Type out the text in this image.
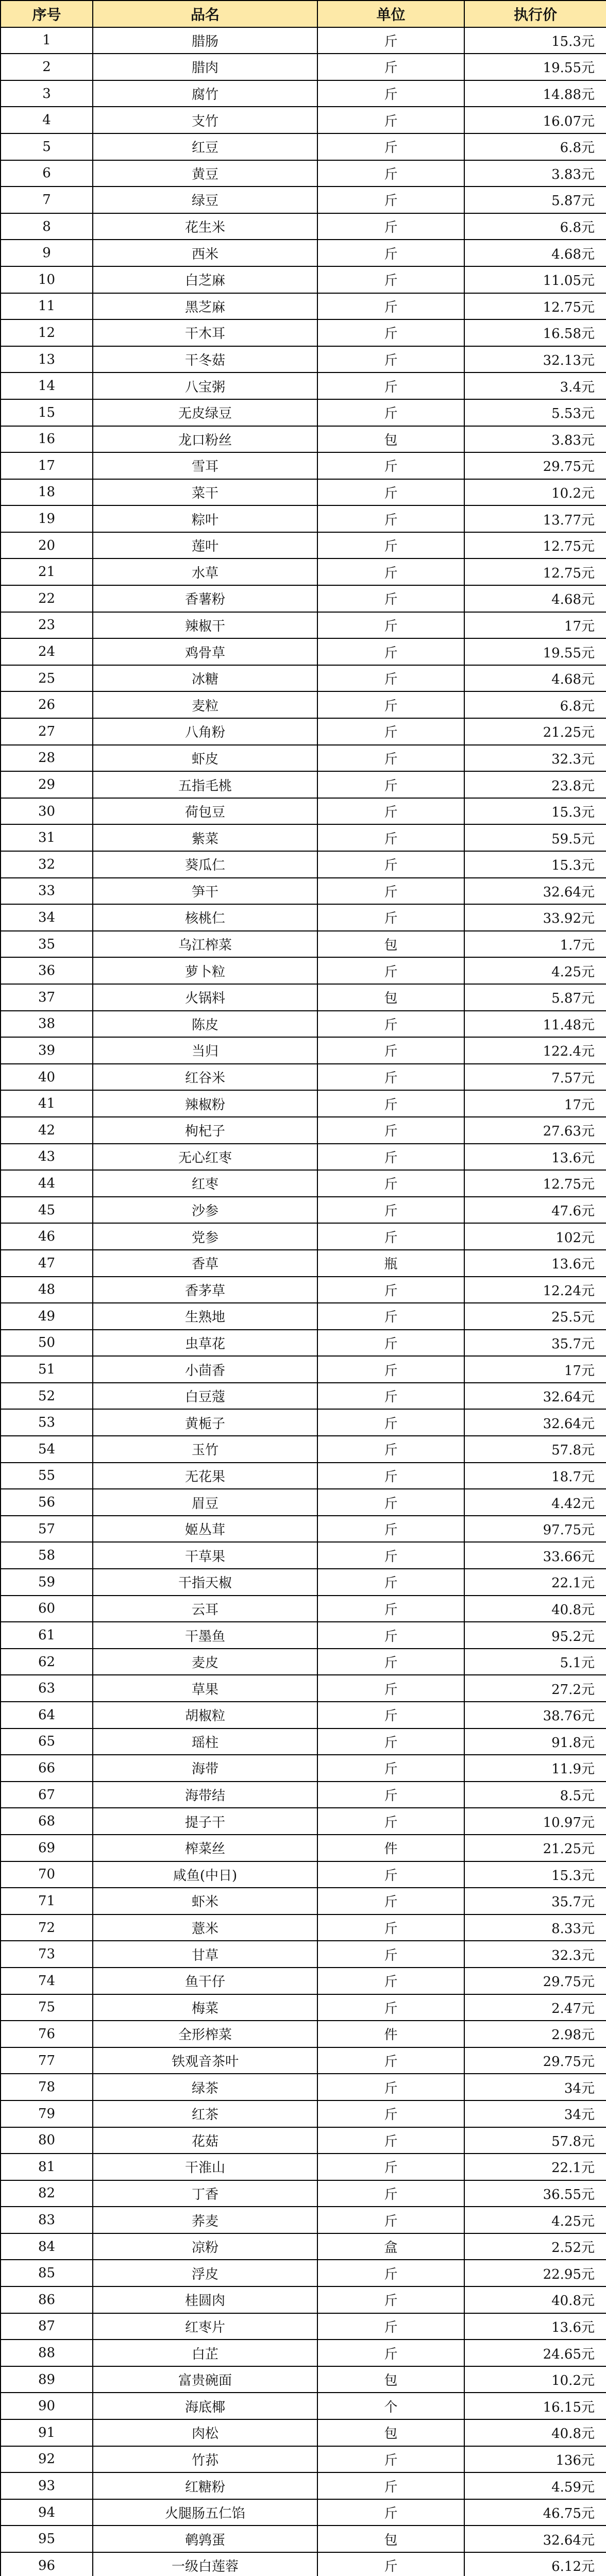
序号	品名	单位	执行价
1	腊肠	斤	15.3元
2	腊肉	斤	19.55元
3	腐竹	斤	14.88元
4	支竹	斤	16.07元
5	红豆	斤	6.8元
6	黄豆	斤	3.83元
7	绿豆	斤	5.87元
8	花生米	斤	6.8元
9	西米	斤	4.68元
10	白芝麻	斤	11.05元
11	黑芝麻	斤	12.75元
12	干木耳	斤	16.58元
13	干冬菇	斤	32.13元
14	八宝粥	斤	3.4元
15	无皮绿豆	斤	5.53元
16	龙口粉丝	包	3.83元
17	雪耳	斤	29.75元
18	菜干	斤	10.2元
19	粽叶	斤	13.77元
20	莲叶	斤	12.75元
21	水草	斤	12.75元
22	香薯粉	斤	4.68元
23	辣椒干	斤	17元
24	鸡骨草	斤	19.55元
25	冰糖	斤	4.68元
26	麦粒	斤	6.8元
27	八角粉	斤	21.25元
28	虾皮	斤	32.3元
29	五指毛桃	斤	23.8元
30	荷包豆	斤	15.3元
31	紫菜	斤	59.5元
32	葵瓜仁	斤	15.3元
33	笋干	斤	32.64元
34	核桃仁	斤	33.92元
35	乌江榨菜	包	1.7元
36	萝卜粒	斤	4.25元
37	火锅料	包	5.87元
38	陈皮	斤	11.48元
39	当归	斤	122.4元
40	红谷米	斤	7.57元
41	辣椒粉	斤	17元
42	枸杞子	斤	27.63元
43	无心红枣	斤	13.6元
44	红枣	斤	12.75元
45	沙参	斤	47.6元
46	党参	斤	102元
47	香草	瓶	13.6元
48	香茅草	斤	12.24元
49	生熟地	斤	25.5元
50	虫草花	斤	35.7元
51	小茴香	斤	17元
52	白豆蔻	斤	32.64元
53	黄栀子	斤	32.64元
54	玉竹	斤	57.8元
55	无花果	斤	18.7元
56	眉豆	斤	4.42元
57	姬丛茸	斤	97.75元
58	干草果	斤	33.66元
59	干指天椒	斤	22.1元
60	云耳	斤	40.8元
61	干墨鱼	斤	95.2元
62	麦皮	斤	5.1元
63	草果	斤	27.2元
64	胡椒粒	斤	38.76元
65	瑶柱	斤	91.8元
66	海带	斤	11.9元
67	海带结	斤	8.5元
68	提子干	斤	10.97元
69	榨菜丝	件	21.25元
70	咸鱼(中日)	斤	15.3元
71	虾米	斤	35.7元
72	薏米	斤	8.33元
73	甘草	斤	32.3元
74	鱼干仔	斤	29.75元
75	梅菜	斤	2.47元
76	全形榨菜	件	2.98元
77	铁观音茶叶	斤	29.75元
78	绿茶	斤	34元
79	红茶	斤	34元
80	花菇	斤	57.8元
81	干淮山	斤	22.1元
82	丁香	斤	36.55元
83	荞麦	斤	4.25元
84	凉粉	盒	2.52元
85	浮皮	斤	22.95元
86	桂圆肉	斤	40.8元
87	红枣片	斤	13.6元
88	白芷	斤	24.65元
89	富贵碗面	包	10.2元
90	海底椰	个	16.15元
91	肉松	包	40.8元
92	竹荪	斤	136元
93	红糖粉	斤	4.59元
94	火腿肠五仁馅	斤	46.75元
95	鹌鹑蛋	包	32.64元
96	一级白莲蓉	斤	6.12元
